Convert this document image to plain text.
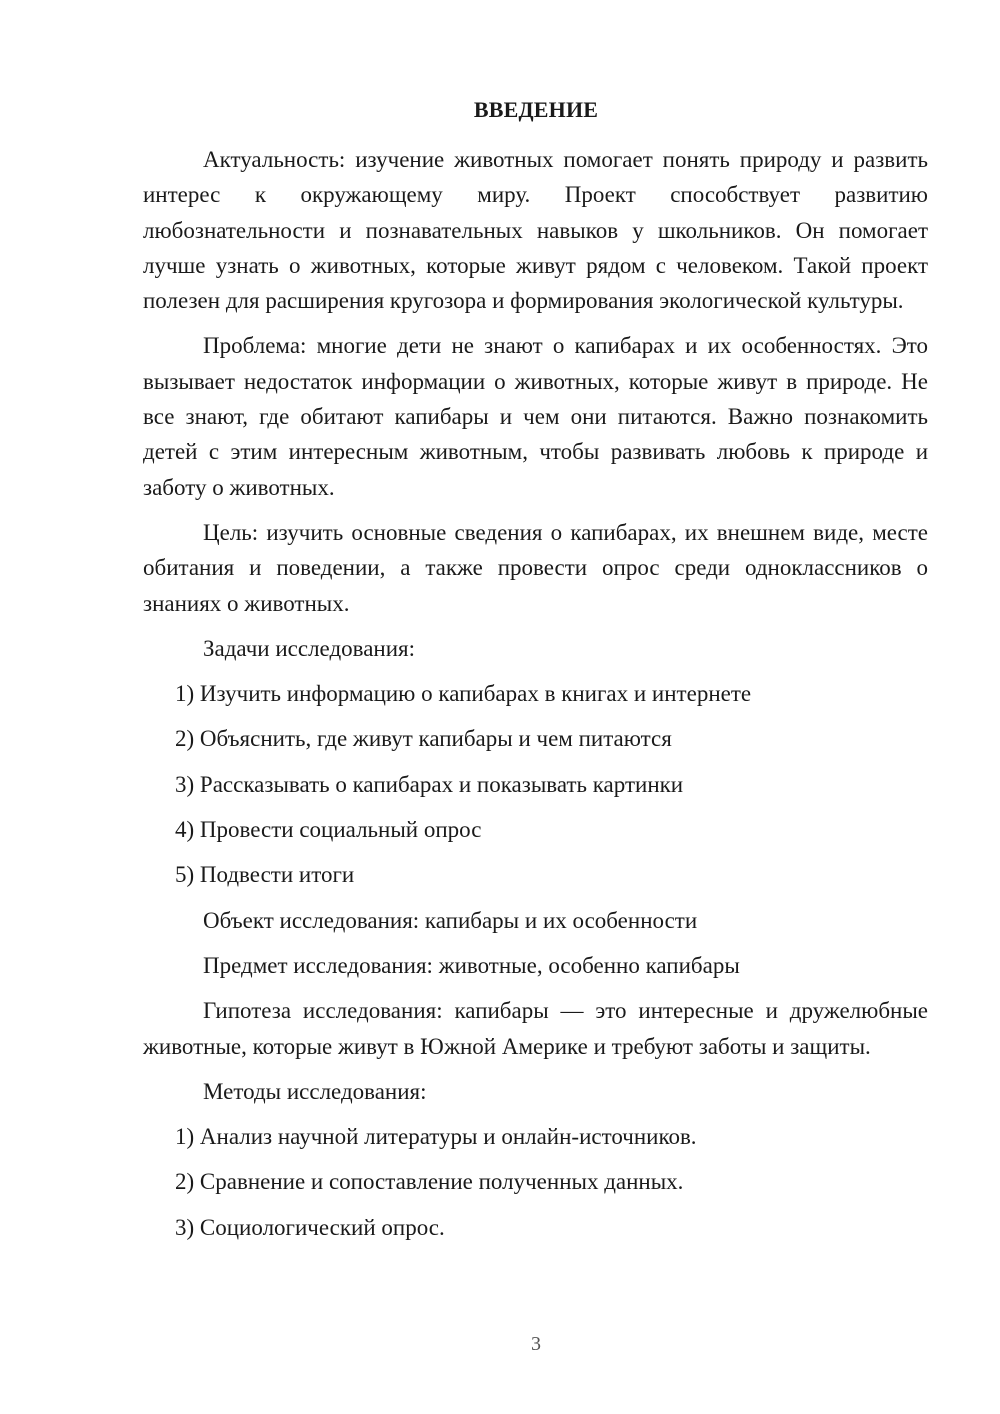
ВВЕДЕНИЕ

Актуальность: изучение животных помогает понять природу и развить интерес к окружающему миру. Проект способствует развитию любознательности и познавательных навыков у школьников. Он помогает лучше узнать о животных, которые живут рядом с человеком. Такой проект полезен для расширения кругозора и формирования экологической культуры.

Проблема: многие дети не знают о капибарах и их особенностях. Это вызывает недостаток информации о животных, которые живут в природе. Не все знают, где обитают капибары и чем они питаются. Важно познакомить детей с этим интересным животным, чтобы развивать любовь к природе и заботу о животных.

Цель: изучить основные сведения о капибарах, их внешнем виде, месте обитания и поведении, а также провести опрос среди одноклассников о знаниях о животных.

Задачи исследования:

1) Изучить информацию о капибарах в книгах и интернете
2) Объяснить, где живут капибары и чем питаются
3) Рассказывать о капибарах и показывать картинки
4) Провести социальный опрос
5) Подвести итоги

Объект исследования: капибары и их особенности

Предмет исследования: животные, особенно капибары

Гипотеза исследования: капибары — это интересные и дружелюбные животные, которые живут в Южной Америке и требуют заботы и защиты.

Методы исследования:

1) Анализ научной литературы и онлайн-источников.
2) Сравнение и сопоставление полученных данных.
3) Социологический опрос.
3
